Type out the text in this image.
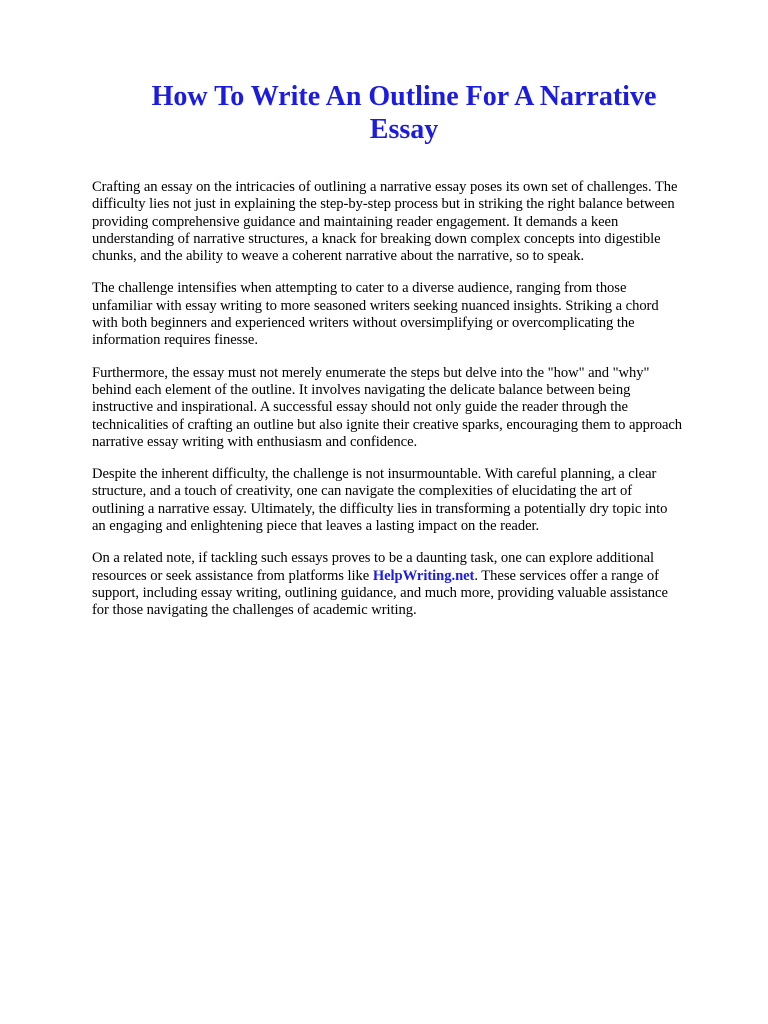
How To Write An Outline For A Narrative
Essay

Crafting an essay on the intricacies of outlining a narrative essay poses its own set of challenges. The
difficulty lies not just in explaining the step-by-step process but in striking the right balance between
providing comprehensive guidance and maintaining reader engagement. It demands a keen
understanding of narrative structures, a knack for breaking down complex concepts into digestible
chunks, and the ability to weave a coherent narrative about the narrative, so to speak.

The challenge intensifies when attempting to cater to a diverse audience, ranging from those
unfamiliar with essay writing to more seasoned writers seeking nuanced insights. Striking a chord
with both beginners and experienced writers without oversimplifying or overcomplicating the
information requires finesse.

Furthermore, the essay must not merely enumerate the steps but delve into the "how" and "why"
behind each element of the outline. It involves navigating the delicate balance between being
instructive and inspirational. A successful essay should not only guide the reader through the
technicalities of crafting an outline but also ignite their creative sparks, encouraging them to approach
narrative essay writing with enthusiasm and confidence.

Despite the inherent difficulty, the challenge is not insurmountable. With careful planning, a clear
structure, and a touch of creativity, one can navigate the complexities of elucidating the art of
outlining a narrative essay. Ultimately, the difficulty lies in transforming a potentially dry topic into
an engaging and enlightening piece that leaves a lasting impact on the reader.

On a related note, if tackling such essays proves to be a daunting task, one can explore additional
resources or seek assistance from platforms like HelpWriting.net. These services offer a range of
support, including essay writing, outlining guidance, and much more, providing valuable assistance
for those navigating the challenges of academic writing.
